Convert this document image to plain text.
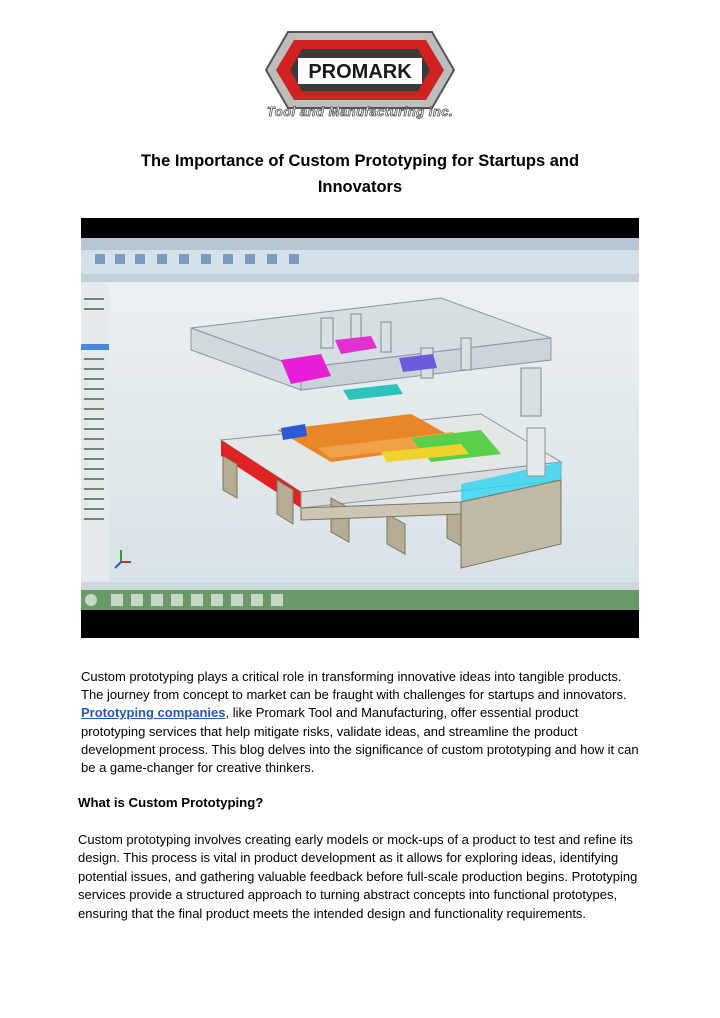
PROMARK
Tool and Manufacturing inc.
The Importance of Custom Prototyping for Startups and
Innovators
Custom prototyping plays a critical role in transforming innovative ideas into tangible products. The journey from concept to market can be fraught with challenges for startups and innovators. Prototyping companies, like Promark Tool and Manufacturing, offer essential product prototyping services that help mitigate risks, validate ideas, and streamline the product development process. This blog delves into the significance of custom prototyping and how it can be a game-changer for creative thinkers.
What is Custom Prototyping?
Custom prototyping involves creating early models or mock-ups of a product to test and refine its design. This process is vital in product development as it allows for exploring ideas, identifying potential issues, and gathering valuable feedback before full-scale production begins. Prototyping services provide a structured approach to turning abstract concepts into functional prototypes, ensuring that the final product meets the intended design and functionality requirements.
